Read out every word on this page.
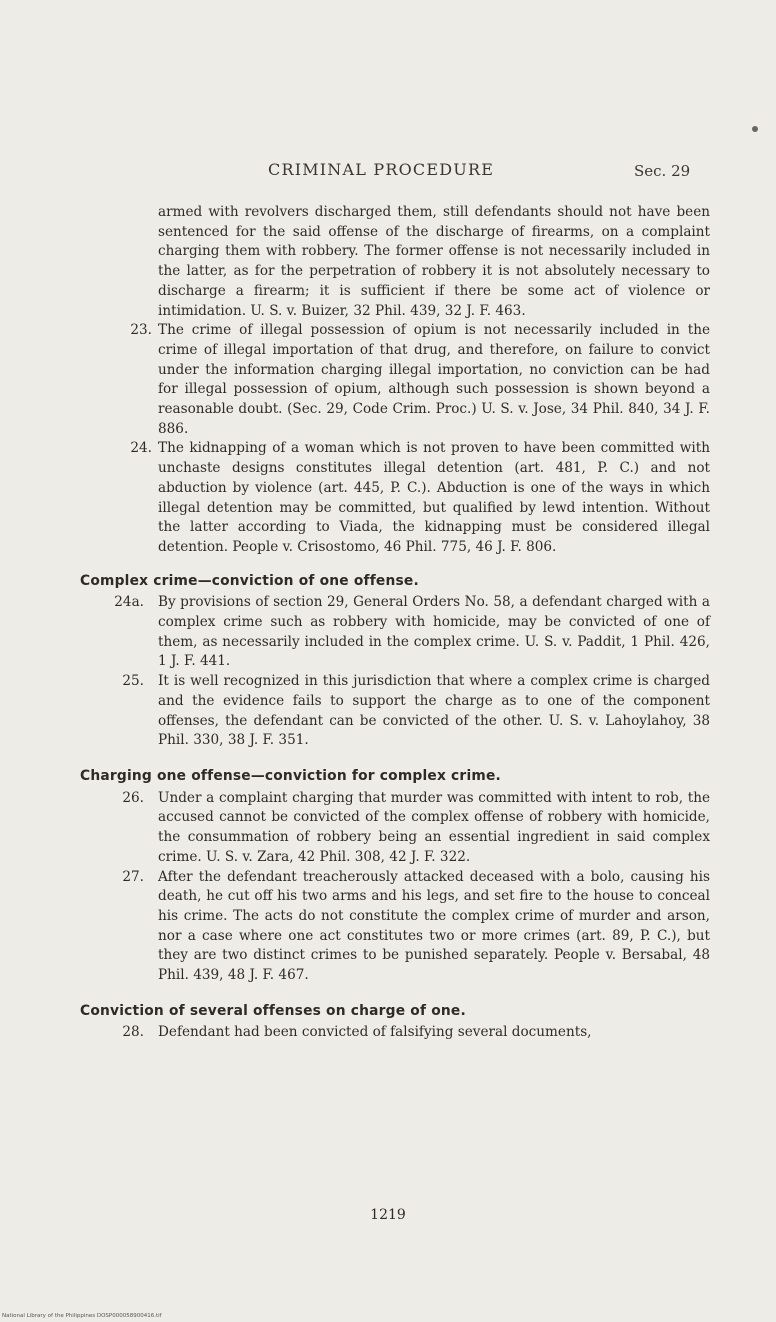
CRIMINAL PROCEDURE	Sec. 29

armed with revolvers discharged them, still defendants should not have been sentenced for the said offense of the discharge of firearms, on a complaint charging them with robbery. The former offense is not necessarily included in the latter, as for the perpetration of robbery it is not absolutely necessary to discharge a firearm; it is sufficient if there be some act of violence or intimidation. U. S. v. Buizer, 32 Phil. 439, 32 J. F. 463.

23. The crime of illegal possession of opium is not necessarily included in the crime of illegal importation of that drug, and therefore, on failure to convict under the information charging illegal importation, no conviction can be had for illegal possession of opium, although such possession is shown beyond a reasonable doubt. (Sec. 29, Code Crim. Proc.) U. S. v. Jose, 34 Phil. 840, 34 J. F. 886.
24. The kidnapping of a woman which is not proven to have been committed with unchaste designs constitutes illegal detention (art. 481, P. C.) and not abduction by violence (art. 445, P. C.). Abduction is one of the ways in which illegal detention may be committed, but qualified by lewd intention. Without the latter according to Viada, the kidnapping must be considered illegal detention. People v. Crisostomo, 46 Phil. 775, 46 J. F. 806.
Complex crime—conviction of one offense.
24a. By provisions of section 29, General Orders No. 58, a defendant charged with a complex crime such as robbery with homicide, may be convicted of one of them, as necessarily included in the complex crime. U. S. v. Paddit, 1 Phil. 426, 1 J. F. 441.
25. It is well recognized in this jurisdiction that where a complex crime is charged and the evidence fails to support the charge as to one of the component offenses, the defendant can be convicted of the other. U. S. v. Lahoylahoy, 38 Phil. 330, 38 J. F. 351.
Charging one offense—conviction for complex crime.
26. Under a complaint charging that murder was committed with intent to rob, the accused cannot be convicted of the complex offense of robbery with homicide, the consummation of robbery being an essential ingredient in said complex crime. U. S. v. Zara, 42 Phil. 308, 42 J. F. 322.
27. After the defendant treacherously attacked deceased with a bolo, causing his death, he cut off his two arms and his legs, and set fire to the house to conceal his crime. The acts do not constitute the complex crime of murder and arson, nor a case where one act constitutes two or more crimes (art. 89, P. C.), but they are two distinct crimes to be punished separately. People v. Bersabal, 48 Phil. 439, 48 J. F. 467.
Conviction of several offenses on charge of one.
28. Defendant had been convicted of falsifying several documents,
1219
National Library of the Philippines DOSP000058900416.tif
